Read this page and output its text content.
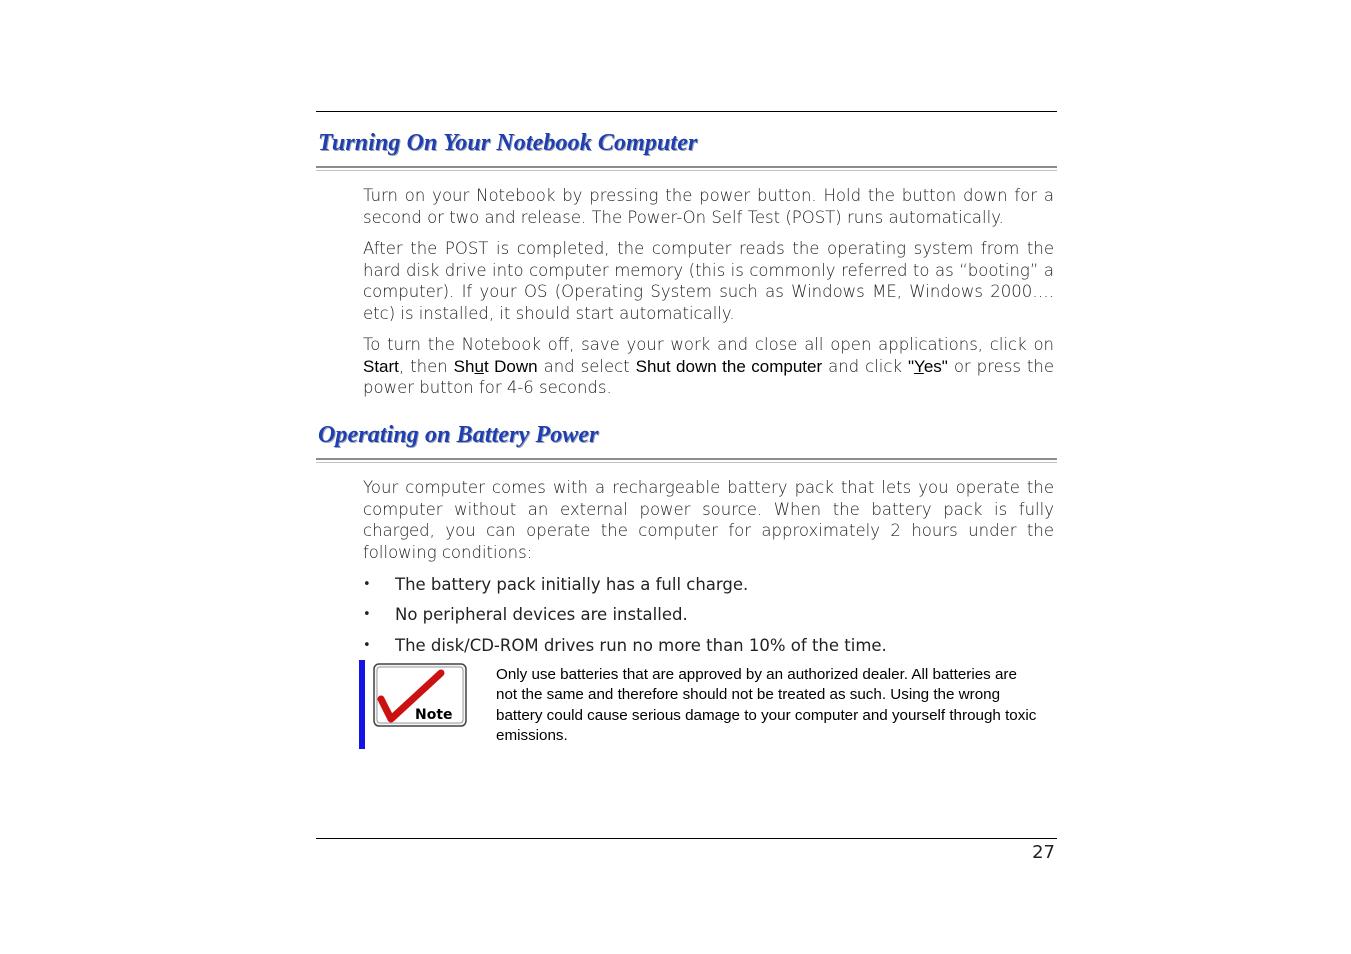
Turning On Your Notebook Computer

Turn on your Notebook by pressing the power button. Hold the button down for a second or two and release. The Power-On Self Test (POST) runs automatically.

After the POST is completed, the computer reads the operating system from the hard disk drive into computer memory (this is commonly referred to as “booting” a computer). If your OS (Operating System such as Windows ME, Windows 2000…. etc) is installed, it should start automatically.

To turn the Notebook off, save your work and close all open applications, click on Start, then Shut Down and select Shut down the computer and click "Yes" or press the power button for 4-6 seconds.

Operating on Battery Power

Your computer comes with a rechargeable battery pack that lets you operate the computer without an external power source. When the battery pack is fully charged, you can operate the computer for approximately 2 hours under the following conditions:

• The battery pack initially has a full charge.
• No peripheral devices are installed.
• The disk/CD-ROM drives run no more than 10% of the time.
Note

Only use batteries that are approved by an authorized dealer. All batteries are not the same and therefore should not be treated as such. Using the wrong battery could cause serious damage to your computer and yourself through toxic emissions.

27
